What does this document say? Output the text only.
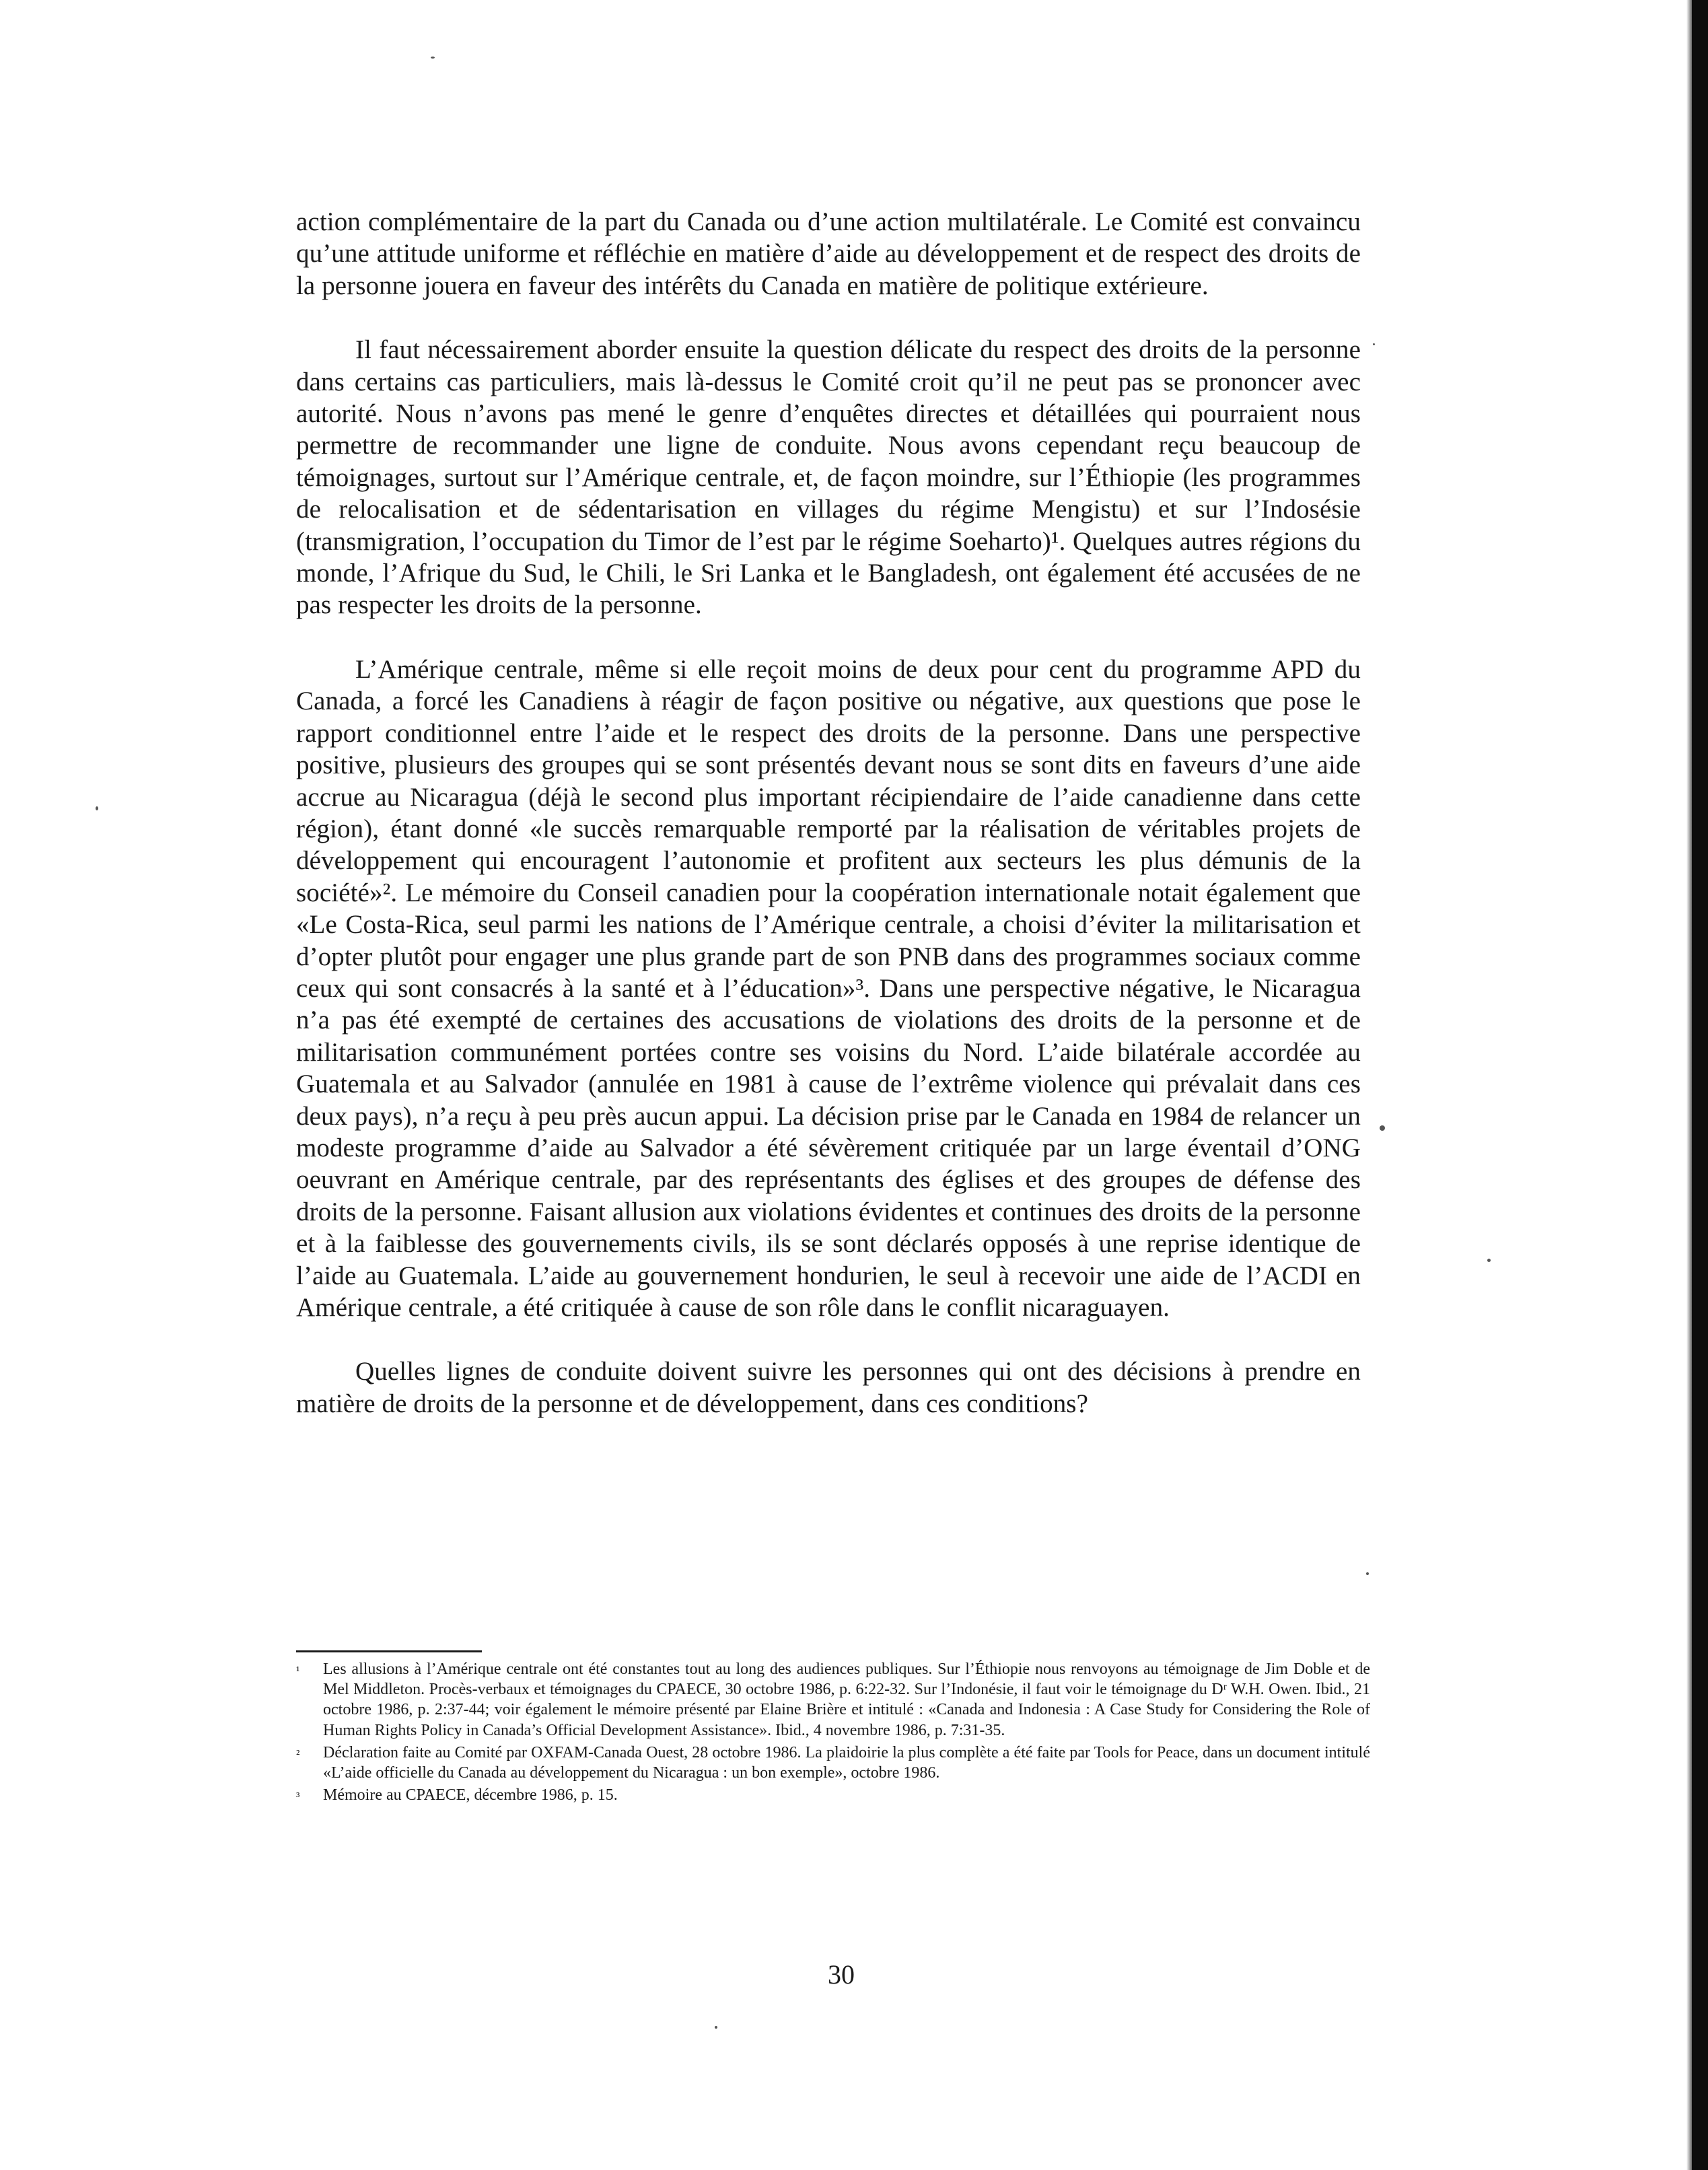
action complémentaire de la part du Canada ou d’une action multilatérale. Le Comité est convaincu qu’une attitude uniforme et réfléchie en matière d’aide au développement et de respect des droits de la personne jouera en faveur des intérêts du Canada en matière de politique extérieure.

Il faut nécessairement aborder ensuite la question délicate du respect des droits de la personne dans certains cas particuliers, mais là-dessus le Comité croit qu’il ne peut pas se prononcer avec autorité. Nous n’avons pas mené le genre d’enquêtes directes et détaillées qui pourraient nous permettre de recommander une ligne de conduite. Nous avons cependant reçu beaucoup de témoignages, surtout sur l’Amérique centrale, et, de façon moindre, sur l’Éthiopie (les programmes de relocalisation et de sédentarisation en villages du régime Mengistu) et sur l’Indosésie (transmigration, l’occupation du Timor de l’est par le régime Soeharto)¹. Quelques autres régions du monde, l’Afrique du Sud, le Chili, le Sri Lanka et le Bangladesh, ont également été accusées de ne pas respecter les droits de la personne.

L’Amérique centrale, même si elle reçoit moins de deux pour cent du programme APD du Canada, a forcé les Canadiens à réagir de façon positive ou négative, aux questions que pose le rapport conditionnel entre l’aide et le respect des droits de la personne. Dans une perspective positive, plusieurs des groupes qui se sont présentés devant nous se sont dits en faveurs d’une aide accrue au Nicaragua (déjà le second plus important récipiendaire de l’aide canadienne dans cette région), étant donné «le succès remarquable remporté par la réalisation de véritables projets de développement qui encouragent l’autonomie et profitent aux secteurs les plus démunis de la société»². Le mémoire du Conseil canadien pour la coopération internationale notait également que «Le Costa-Rica, seul parmi les nations de l’Amérique centrale, a choisi d’éviter la militarisation et d’opter plutôt pour engager une plus grande part de son PNB dans des programmes sociaux comme ceux qui sont consacrés à la santé et à l’éducation»³. Dans une perspective négative, le Nicaragua n’a pas été exempté de certaines des accusations de violations des droits de la personne et de militarisation communément portées contre ses voisins du Nord. L’aide bilatérale accordée au Guatemala et au Salvador (annulée en 1981 à cause de l’extrême violence qui prévalait dans ces deux pays), n’a reçu à peu près aucun appui. La décision prise par le Canada en 1984 de relancer un modeste programme d’aide au Salvador a été sévèrement critiquée par un large éventail d’ONG oeuvrant en Amérique centrale, par des représentants des églises et des groupes de défense des droits de la personne. Faisant allusion aux violations évidentes et continues des droits de la personne et à la faiblesse des gouvernements civils, ils se sont déclarés opposés à une reprise identique de l’aide au Guatemala. L’aide au gouvernement hondurien, le seul à recevoir une aide de l’ACDI en Amérique centrale, a été critiquée à cause de son rôle dans le conflit nicaraguayen.

Quelles lignes de conduite doivent suivre les personnes qui ont des décisions à prendre en matière de droits de la personne et de développement, dans ces conditions?

¹	Les allusions à l’Amérique centrale ont été constantes tout au long des audiences publiques. Sur l’Éthiopie nous renvoyons au témoignage de Jim Doble et de Mel Middleton. Procès-verbaux et témoignages du CPAECE, 30 octobre 1986, p. 6:22-32. Sur l’Indonésie, il faut voir le témoignage du Dʳ W.H. Owen. Ibid., 21 octobre 1986, p. 2:37-44; voir également le mémoire présenté par Elaine Brière et intitulé : «Canada and Indonesia : A Case Study for Considering the Role of Human Rights Policy in Canada’s Official Development Assistance». Ibid., 4 novembre 1986, p. 7:31-35.
²	Déclaration faite au Comité par OXFAM-Canada Ouest, 28 octobre 1986. La plaidoirie la plus complète a été faite par Tools for Peace, dans un document intitulé «L’aide officielle du Canada au développement du Nicaragua : un bon exemple», octobre 1986.
³	Mémoire au CPAECE, décembre 1986, p. 15.
30
